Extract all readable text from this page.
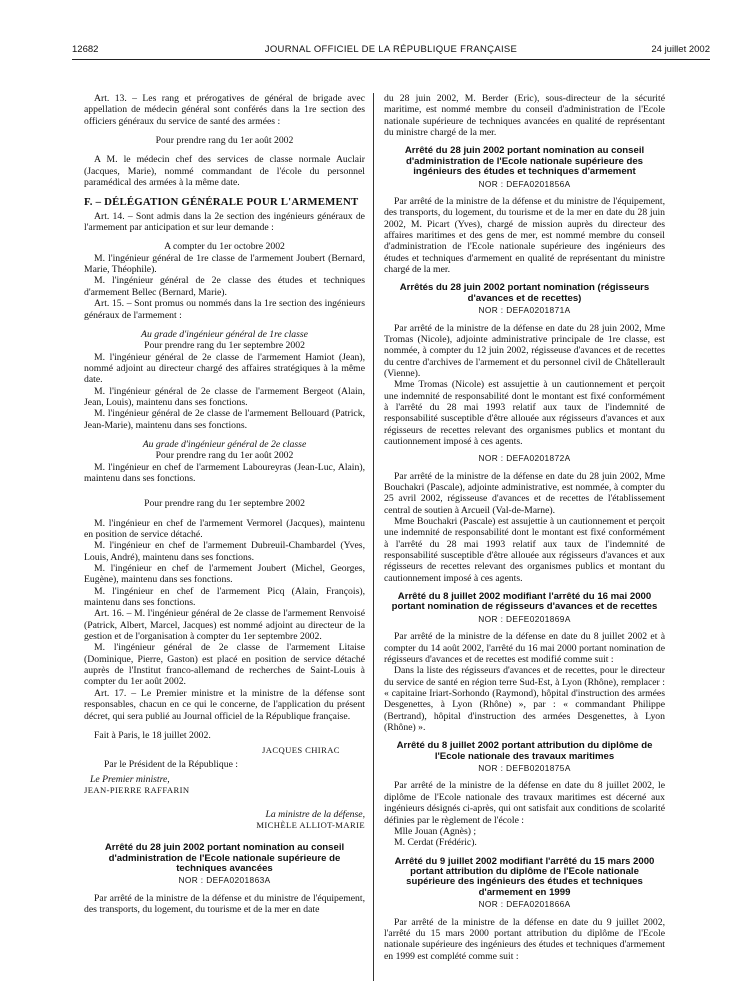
12682	JOURNAL OFFICIEL DE LA RÉPUBLIQUE FRANÇAISE	24 juillet 2002

Art. 13. – Les rang et prérogatives de général de brigade avec appellation de médecin général sont conférés dans la 1re section des officiers généraux du service de santé des armées :

Pour prendre rang du 1er août 2002

A M. le médecin chef des services de classe normale Auclair (Jacques, Marie), nommé commandant de l'école du personnel paramédical des armées à la même date.

F. – DÉLÉGATION GÉNÉRALE POUR L'ARMEMENT

Art. 14. – Sont admis dans la 2e section des ingénieurs généraux de l'armement par anticipation et sur leur demande :

A compter du 1er octobre 2002

M. l'ingénieur général de 1re classe de l'armement Joubert (Bernard, Marie, Théophile).

M. l'ingénieur général de 2e classe des études et techniques d'armement Bellec (Bernard, Marie).

Art. 15. – Sont promus ou nommés dans la 1re section des ingénieurs généraux de l'armement :

Au grade d'ingénieur général de 1re classe

Pour prendre rang du 1er septembre 2002

M. l'ingénieur général de 2e classe de l'armement Hamiot (Jean), nommé adjoint au directeur chargé des affaires stratégiques à la même date.

M. l'ingénieur général de 2e classe de l'armement Bergeot (Alain, Jean, Louis), maintenu dans ses fonctions.

M. l'ingénieur général de 2e classe de l'armement Bellouard (Patrick, Jean-Marie), maintenu dans ses fonctions.

Au grade d'ingénieur général de 2e classe

Pour prendre rang du 1er août 2002

M. l'ingénieur en chef de l'armement Laboureyras (Jean-Luc, Alain), maintenu dans ses fonctions.

Pour prendre rang du 1er septembre 2002

M. l'ingénieur en chef de l'armement Vermorel (Jacques), maintenu en position de service détaché.

M. l'ingénieur en chef de l'armement Dubreuil-Chambardel (Yves, Louis, André), maintenu dans ses fonctions.

M. l'ingénieur en chef de l'armement Joubert (Michel, Georges, Eugène), maintenu dans ses fonctions.

M. l'ingénieur en chef de l'armement Picq (Alain, François), maintenu dans ses fonctions.

Art. 16. – M. l'ingénieur général de 2e classe de l'armement Renvoisé (Patrick, Albert, Marcel, Jacques) est nommé adjoint au directeur de la gestion et de l'organisation à compter du 1er septembre 2002.

M. l'ingénieur général de 2e classe de l'armement Litaise (Dominique, Pierre, Gaston) est placé en position de service détaché auprès de l'Institut franco-allemand de recherches de Saint-Louis à compter du 1er août 2002.

Art. 17. – Le Premier ministre et la ministre de la défense sont responsables, chacun en ce qui le concerne, de l'application du présent décret, qui sera publié au Journal officiel de la République française.

Fait à Paris, le 18 juillet 2002.

JACQUES CHIRAC

Par le Président de la République :

Le Premier ministre,

JEAN-PIERRE RAFFARIN

La ministre de la défense,

MICHÈLE ALLIOT-MARIE

Arrêté du 28 juin 2002 portant nomination au conseil d'administration de l'Ecole nationale supérieure de techniques avancées

NOR : DEFA0201863A

Par arrêté de la ministre de la défense et du ministre de l'équipement, des transports, du logement, du tourisme et de la mer en date

du 28 juin 2002, M. Berder (Eric), sous-directeur de la sécurité maritime, est nommé membre du conseil d'administration de l'Ecole nationale supérieure de techniques avancées en qualité de représentant du ministre chargé de la mer.

Arrêté du 28 juin 2002 portant nomination au conseil d'administration de l'Ecole nationale supérieure des ingénieurs des études et techniques d'armement

NOR : DEFA0201856A

Par arrêté de la ministre de la défense et du ministre de l'équipement, des transports, du logement, du tourisme et de la mer en date du 28 juin 2002, M. Picart (Yves), chargé de mission auprès du directeur des affaires maritimes et des gens de mer, est nommé membre du conseil d'administration de l'Ecole nationale supérieure des ingénieurs des études et techniques d'armement en qualité de représentant du ministre chargé de la mer.

Arrêtés du 28 juin 2002 portant nomination (régisseurs d'avances et de recettes)

NOR : DEFA0201871A

Par arrêté de la ministre de la défense en date du 28 juin 2002, Mme Tromas (Nicole), adjointe administrative principale de 1re classe, est nommée, à compter du 12 juin 2002, régisseuse d'avances et de recettes du centre d'archives de l'armement et du personnel civil de Châtellerault (Vienne).

Mme Tromas (Nicole) est assujettie à un cautionnement et perçoit une indemnité de responsabilité dont le montant est fixé conformément à l'arrêté du 28 mai 1993 relatif aux taux de l'indemnité de responsabilité susceptible d'être allouée aux régisseurs d'avances et aux régisseurs de recettes relevant des organismes publics et montant du cautionnement imposé à ces agents.

NOR : DEFA0201872A

Par arrêté de la ministre de la défense en date du 28 juin 2002, Mme Bouchakri (Pascale), adjointe administrative, est nommée, à compter du 25 avril 2002, régisseuse d'avances et de recettes de l'établissement central de soutien à Arcueil (Val-de-Marne).

Mme Bouchakri (Pascale) est assujettie à un cautionnement et perçoit une indemnité de responsabilité dont le montant est fixé conformément à l'arrêté du 28 mai 1993 relatif aux taux de l'indemnité de responsabilité susceptible d'être allouée aux régisseurs d'avances et aux régisseurs de recettes relevant des organismes publics et montant du cautionnement imposé à ces agents.

Arrêté du 8 juillet 2002 modifiant l'arrêté du 16 mai 2000 portant nomination de régisseurs d'avances et de recettes

NOR : DEFE0201869A

Par arrêté de la ministre de la défense en date du 8 juillet 2002 et à compter du 14 août 2002, l'arrêté du 16 mai 2000 portant nomination de régisseurs d'avances et de recettes est modifié comme suit :

Dans la liste des régisseurs d'avances et de recettes, pour le directeur du service de santé en région terre Sud-Est, à Lyon (Rhône), remplacer : « capitaine Iriart-Sorhondo (Raymond), hôpital d'instruction des armées Desgenettes, à Lyon (Rhône) », par : « commandant Philippe (Bertrand), hôpital d'instruction des armées Desgenettes, à Lyon (Rhône) ».

Arrêté du 8 juillet 2002 portant attribution du diplôme de l'Ecole nationale des travaux maritimes

NOR : DEFB0201875A

Par arrêté de la ministre de la défense en date du 8 juillet 2002, le diplôme de l'Ecole nationale des travaux maritimes est décerné aux ingénieurs désignés ci-après, qui ont satisfait aux conditions de scolarité définies par le règlement de l'école :

Mlle Jouan (Agnès) ;

M. Cerdat (Frédéric).

Arrêté du 9 juillet 2002 modifiant l'arrêté du 15 mars 2000 portant attribution du diplôme de l'Ecole nationale supérieure des ingénieurs des études et techniques d'armement en 1999

NOR : DEFA0201866A

Par arrêté de la ministre de la défense en date du 9 juillet 2002, l'arrêté du 15 mars 2000 portant attribution du diplôme de l'Ecole nationale supérieure des ingénieurs des études et techniques d'armement en 1999 est complété comme suit :
